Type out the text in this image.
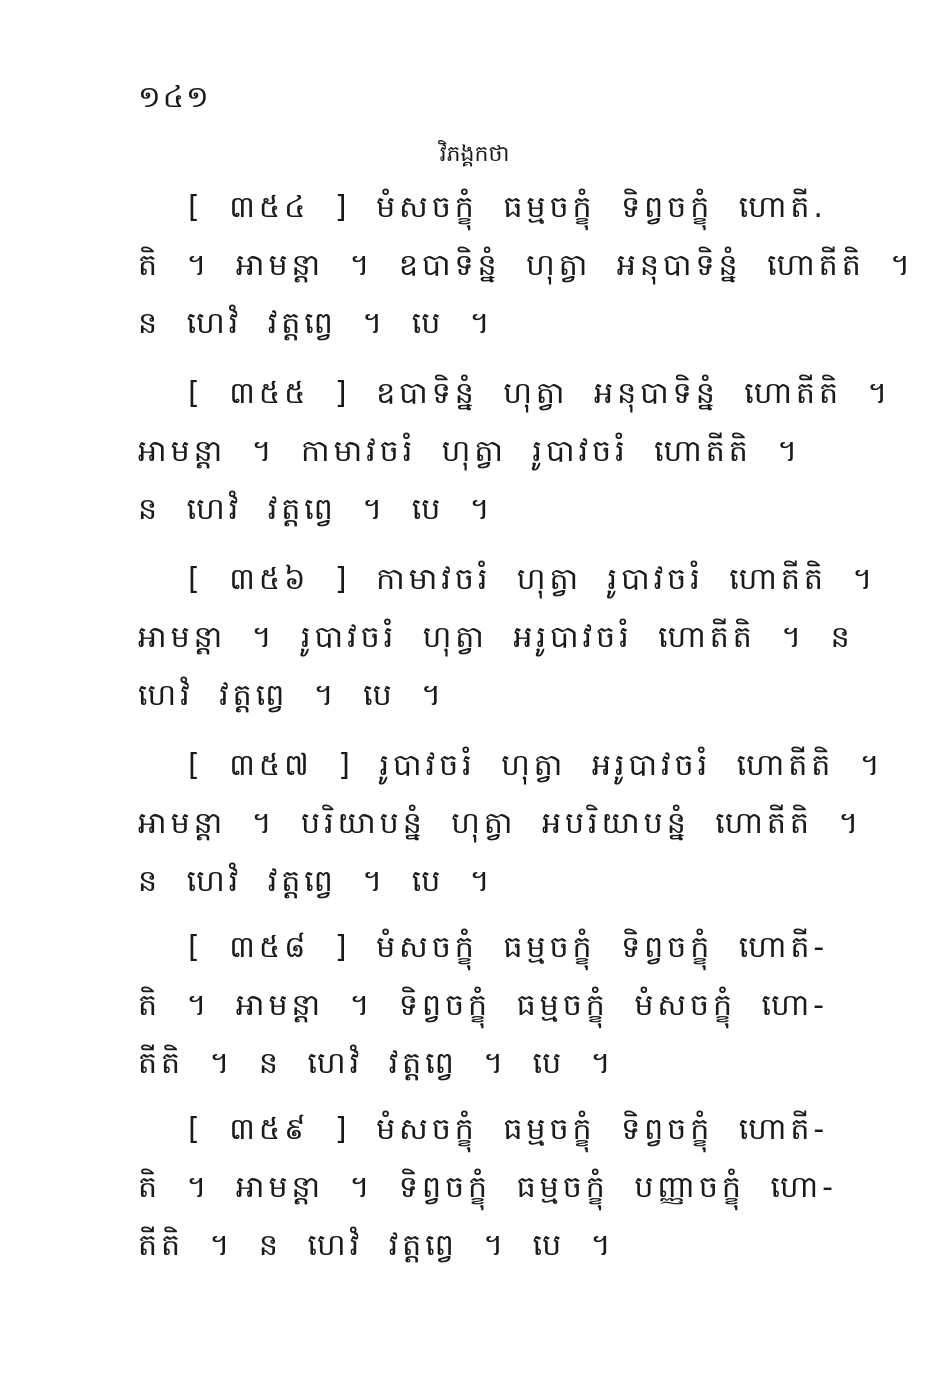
១៤១
វិភង្គកថា
[ ៣៥៤ ] មំសចក្ខុំ ធម្មចក្ខុំ ទិព្វចក្ខុំ ហោតី.
តិ ។ អាមន្តា ។ ឧបាទិន្នំ ហុត្វា អនុបាទិន្នំ ហោតីតិ ។
ន ហេវំ វត្តព្វេ ។ បេ ។
[ ៣៥៥ ] ឧបាទិន្នំ ហុត្វា អនុបាទិន្នំ ហោតីតិ ។
អាមន្តា ។ កាមាវចរំ ហុត្វា រូបាវចរំ ហោតីតិ ។
ន ហេវំ វត្តព្វេ ។ បេ ។
[ ៣៥៦ ] កាមាវចរំ ហុត្វា រូបាវចរំ ហោតីតិ ។
អាមន្តា ។ រូបាវចរំ ហុត្វា អរូបាវចរំ ហោតីតិ ។ ន
ហេវំ វត្តព្វេ ។ បេ ។
[ ៣៥៧ ] រូបាវចរំ ហុត្វា អរូបាវចរំ ហោតីតិ ។
អាមន្តា ។ បរិយាបន្នំ ហុត្វា អបរិយាបន្នំ ហោតីតិ ។
ន ហេវំ វត្តព្វេ ។ បេ ។
[ ៣៥៨ ] មំសចក្ខុំ ធម្មចក្ខុំ ទិព្វចក្ខុំ ហោតី-
តិ ។ អាមន្តា ។ ទិព្វចក្ខុំ ធម្មចក្ខុំ មំសចក្ខុំ ហោ-
តីតិ ។ ន ហេវំ វត្តព្វេ ។ បេ ។
[ ៣៥៩ ] មំសចក្ខុំ ធម្មចក្ខុំ ទិព្វចក្ខុំ ហោតី-
តិ ។ អាមន្តា ។ ទិព្វចក្ខុំ ធម្មចក្ខុំ បញ្ញាចក្ខុំ ហោ-
តីតិ ។ ន ហេវំ វត្តព្វេ ។ បេ ។
